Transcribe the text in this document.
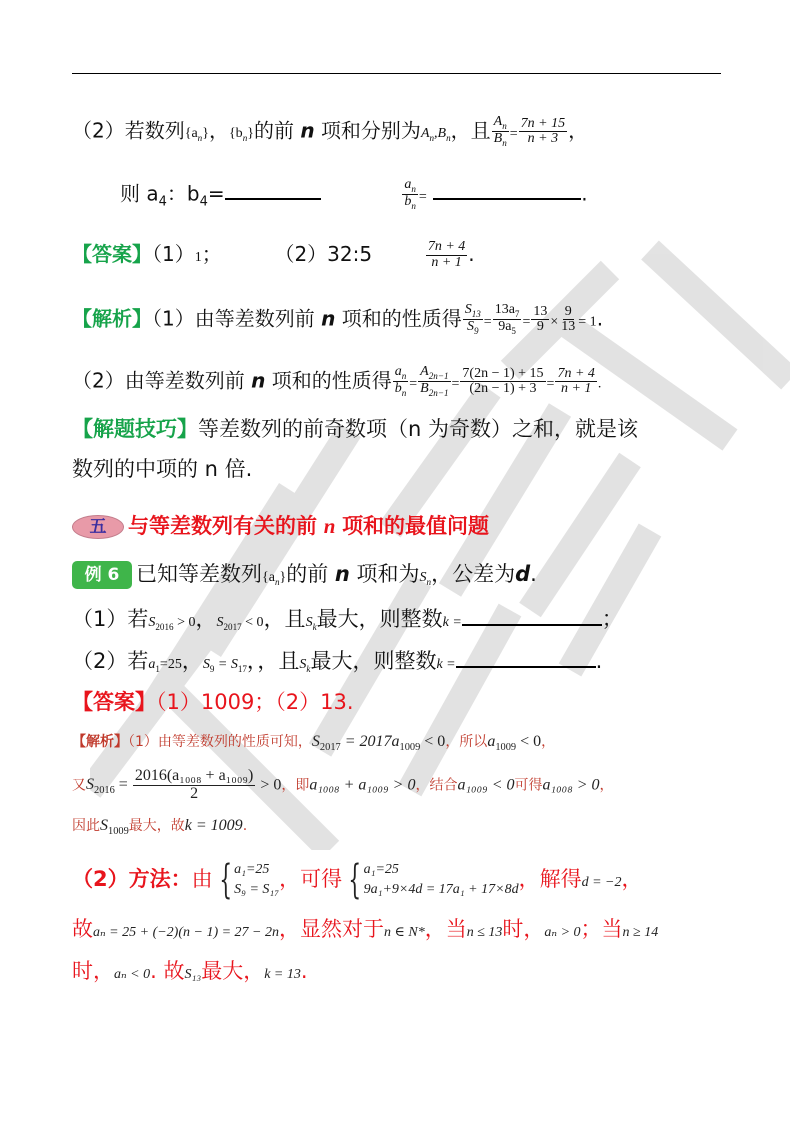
（2）若数列$\{a_n\}$，$\{b_n\}$的前 n 项和分别为$A_n,B_n$，且 $\frac{A_n}{B_n} = \frac{7n + 15}{n + 3}$ ，
则 $a_4$：$b_4=$	$\frac{a_n}{b_n}$ =	.
【答案】（1）1；	（2）32:5	$\frac{7n + 4}{n + 1}$ .
【解析】（1）由等差数列前 n 项和的性质得 $\frac{S_{13}}{S_9} = \frac{13a_7}{9a_5} = \frac{13}{9} \times \frac{9}{13} = 1$.
（2）由等差数列前 n 项和的性质得 $\frac{a_n}{b_n} = \frac{A_{2n-1}}{B_{2n-1}} = \frac{7(2n - 1) + 15}{(2n - 1) + 3} = \frac{7n + 4}{n + 1}$ .
【解题技巧】等差数列的前奇数项（n 为奇数）之和，就是该
数列的中项的 n 倍.
五 与等差数列有关的前 n 项和的最值问题
例 6 已知等差数列$\{a_n\}$的前 n 项和为$S_n$，公差为d.
（1）若$S_{2016} > 0$，$S_{2017} < 0$，且$S_k$最大，则整数k =	；
（2）若$a_1=25$，$S_9 = S_{17}$，，且$S_k$最大，则整数k =	.
【答案】（1）1009；（2）13.
【解析】（1）由等差数列的性质可知，$S_{2017} = 2017a_{1009} < 0$，所以$a_{1009} < 0$，
又$S_{2016} = \frac{\text{2016(a₁₀₀₈ + a₁₀₀₉)}}{2} > 0$，即a₁₀₀₈ + a₁₀₀₉ > 0，结合a₁₀₀₉ < 0可得a₁₀₀₈ > 0，
因此$S_{1009}$最大，故k = 1009.
（2）方法：由 { a₁=25
S₉ = S₁₇ ，可得 { a₁=25
9a₁+9×4d = 17a₁ + 17×8d ，解得d = −2，
故aₙ = 25 + (−2)(n − 1) = 27 − 2n，显然对于n ∈ N*，当n ≤ 13时，aₙ > 0；当n ≥ 14
时，aₙ < 0. 故S₁₃最大，k = 13.
